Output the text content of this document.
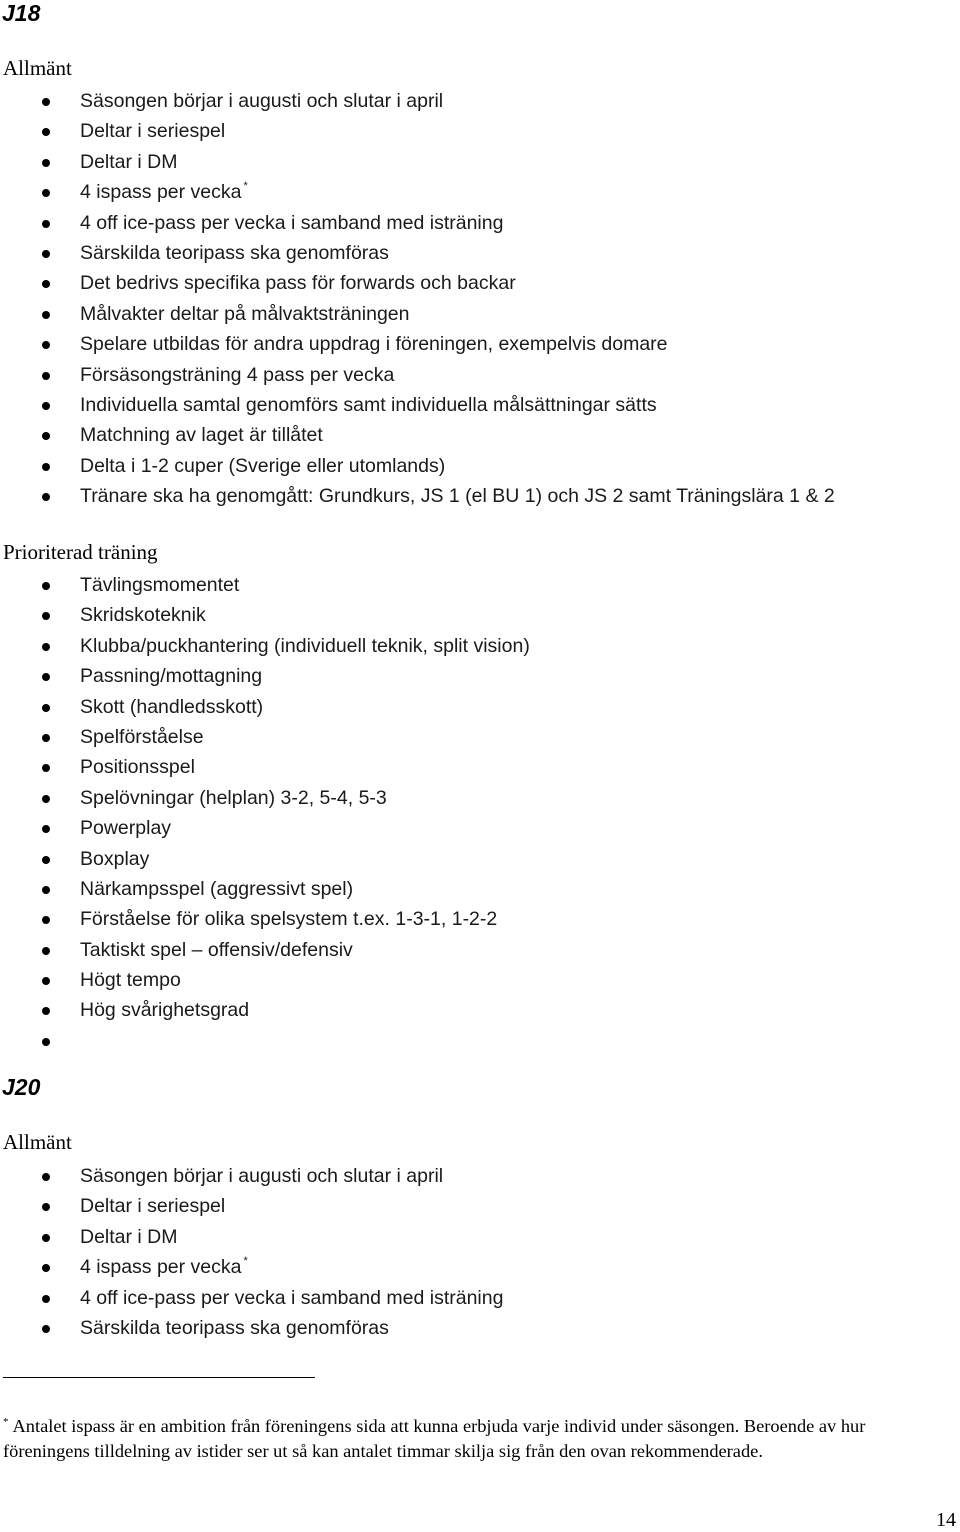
J18

Allmänt

Säsongen börjar i augusti och slutar i april
Deltar i seriespel
Deltar i DM
4 ispass per vecka *
4 off ice-pass per vecka i samband med isträning
Särskilda teoripass ska genomföras
Det bedrivs specifika pass för forwards och backar
Målvakter deltar på målvaktsträningen
Spelare utbildas för andra uppdrag i föreningen, exempelvis domare
Försäsongsträning 4 pass per vecka
Individuella samtal genomförs samt individuella målsättningar sätts
Matchning av laget är tillåtet
Delta i 1-2 cuper (Sverige eller utomlands)
Tränare ska ha genomgått: Grundkurs, JS 1 (el BU 1) och JS 2 samt Träningslära 1 & 2

Prioriterad träning

Tävlingsmomentet
Skridskoteknik
Klubba/puckhantering (individuell teknik, split vision)
Passning/mottagning
Skott (handledsskott)
Spelförståelse
Positionsspel
Spelövningar (helplan) 3-2, 5-4, 5-3
Powerplay
Boxplay
Närkampsspel (aggressivt spel)
Förståelse för olika spelsystem t.ex. 1-3-1, 1-2-2
Taktiskt spel – offensiv/defensiv
Högt tempo
Hög svårighetsgrad
J20

Allmänt

Säsongen börjar i augusti och slutar i april
Deltar i seriespel
Deltar i DM
4 ispass per vecka *
4 off ice-pass per vecka i samband med isträning
Särskilda teoripass ska genomföras

* Antalet ispass är en ambition från föreningens sida att kunna erbjuda varje individ under säsongen. Beroende av hur föreningens tilldelning av istider ser ut så kan antalet timmar skilja sig från den ovan rekommenderade.

14
